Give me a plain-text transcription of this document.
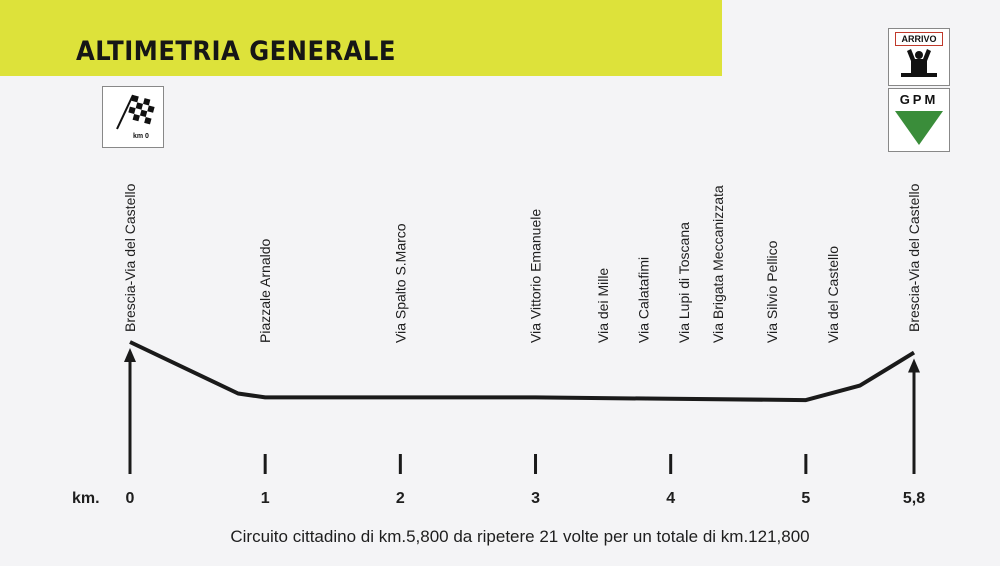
ALTIMETRIA GENERALE
km 0
ARRIVO
GPM
Brescia-Via del Castello	Piazzale Arnaldo	Via Spalto S.Marco	Via Vittorio Emanuele	Via dei Mille Via Calatafimi Via Lupi di Toscana Via Brigata Meccanizzata	Via Silvio Pellico	Via del Castello	Brescia-Via del Castello
0	1	2	3	4	5	5,8
km.
Circuito cittadino di km.5,800 da ripetere 21 volte per un totale di km.121,800
